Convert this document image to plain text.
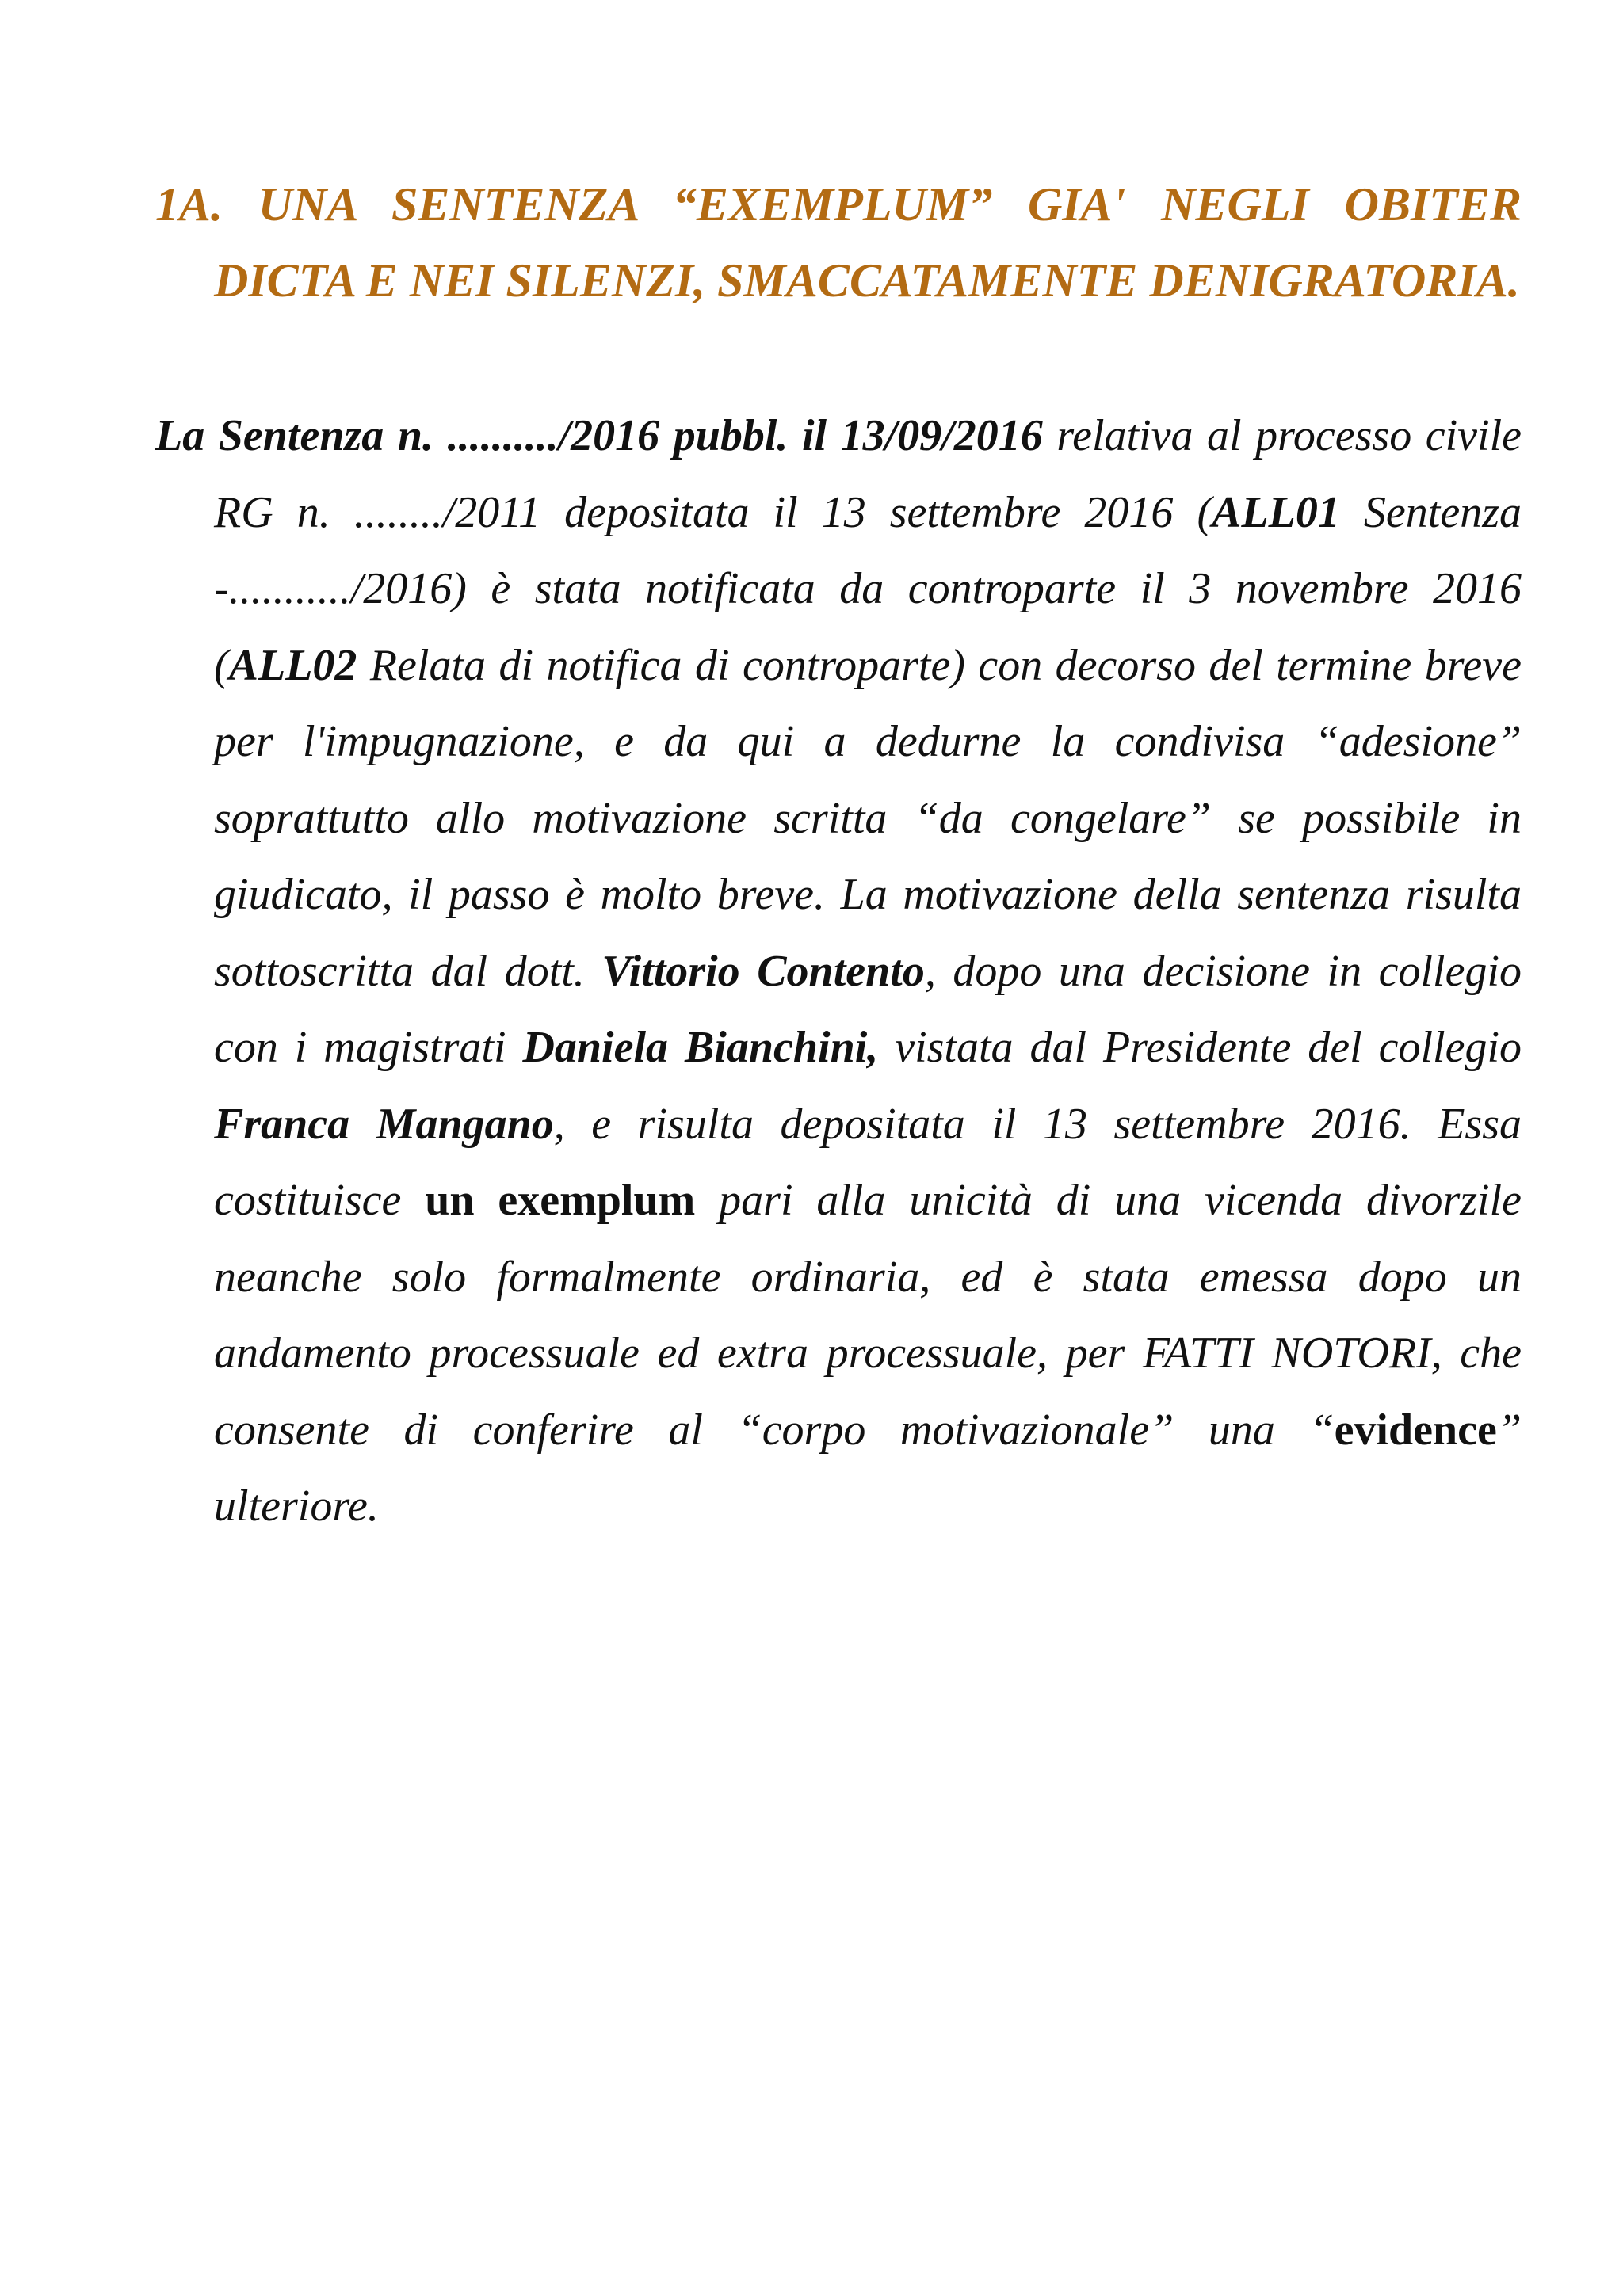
1A. UNA SENTENZA “EXEMPLUM” GIA' NEGLI OBITER DICTA E NEI SILENZI, SMACCATAMENTE DENIGRATORIA.

La Sentenza n. ........../2016 pubbl. il 13/09/2016 relativa al processo civile RG n. ......../2011 depositata il 13 settembre 2016 (ALL01 Sentenza -.........../2016) è stata notificata da controparte il 3 novembre 2016 (ALL02 Relata di notifica di controparte) con decorso del termine breve per l'impugnazione, e da qui a dedurne la condivisa “adesione” soprattutto allo motivazione scritta “da congelare” se possibile in giudicato, il passo è molto breve. La motivazione della sentenza risulta sottoscritta dal dott. Vittorio Contento, dopo una decisione in collegio con i magistrati Daniela Bianchini, vistata dal Presidente del collegio Franca Mangano, e risulta depositata il 13 settembre 2016. Essa costituisce un exemplum pari alla unicità di una vicenda divorzile neanche solo formalmente ordinaria, ed è stata emessa dopo un andamento processuale ed extra processuale, per FATTI NOTORI, che consente di conferire al “corpo motivazionale” una “evidence” ulteriore.
